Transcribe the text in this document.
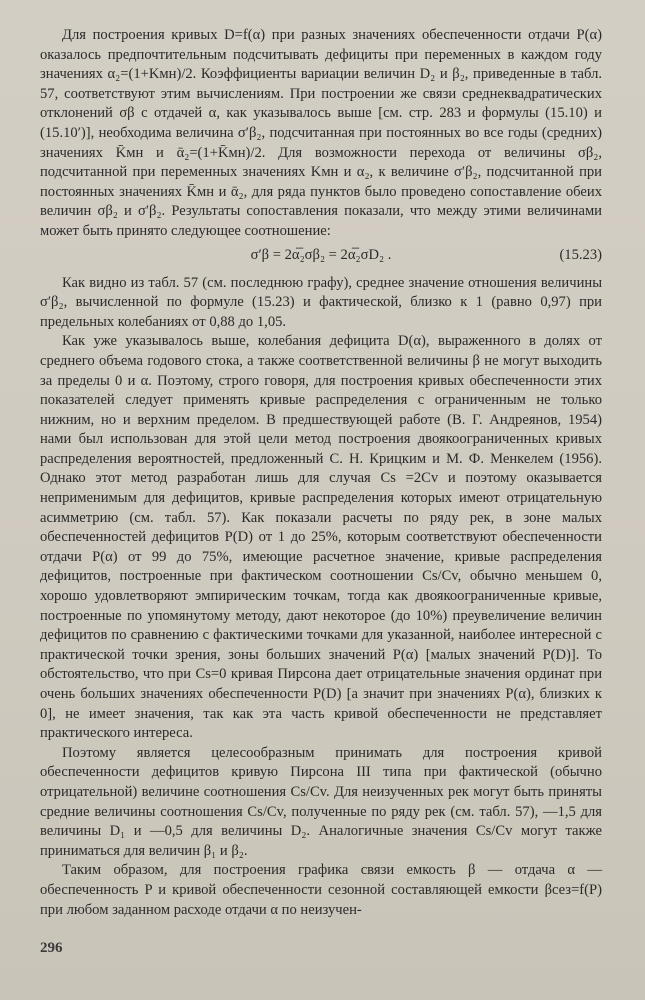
Для построения кривых D=f(α) при разных значениях обеспеченности отдачи P(α) оказалось предпочтительным подсчитывать дефициты при переменных в каждом году значениях α₂=(1+Kмн)/2. Коэффициенты вариации величин D₂ и β₂, приведенные в табл. 57, соответствуют этим вычислениям. При построении же связи среднеквадратических отклонений σβ с отдачей α, как указывалось выше [см. стр. 283 и формулы (15.10) и (15.10′)], необходима величина σ′β₂, подсчитанная при постоянных во все годы (средних) значениях K̄мн и ᾱ₂=(1+K̄мн)/2. Для возможности перехода от величины σβ₂, подсчитанной при переменных значениях Kмн и α₂, к величине σ′β₂, подсчитанной при постоянных значениях K̄мн и ᾱ₂, для ряда пунктов было проведено сопоставление обеих величин σβ₂ и σ′β₂. Результаты сопоставления показали, что между этими величинами может быть принято следующее соотношение:

σ′β = 2α̅₂σβ₂ = 2α̅₂σD₂ .	(15.23)

Как видно из табл. 57 (см. последнюю графу), среднее значение отношения величины σ′β₂, вычисленной по формуле (15.23) и фактической, близко к 1 (равно 0,97) при предельных колебаниях от 0,88 до 1,05.

Как уже указывалось выше, колебания дефицита D(α), выраженного в долях от среднего объема годового стока, а также соответственной величины β не могут выходить за пределы 0 и α. Поэтому, строго говоря, для построения кривых обеспеченности этих показателей следует применять кривые распределения с ограниченным не только нижним, но и верхним пределом. В предшествующей работе (В. Г. Андреянов, 1954) нами был использован для этой цели метод построения двоякоограниченных кривых распределения вероятностей, предложенный С. Н. Крицким и М. Ф. Менкелем (1956). Однако этот метод разработан лишь для случая Cs =2Cv и поэтому оказывается неприменимым для дефицитов, кривые распределения которых имеют отрицательную асимметрию (см. табл. 57). Как показали расчеты по ряду рек, в зоне малых обеспеченностей дефицитов P(D) от 1 до 25%, которым соответствуют обеспеченности отдачи P(α) от 99 до 75%, имеющие расчетное значение, кривые распределения дефицитов, построенные при фактическом соотношении Cs/Cv, обычно меньшем 0, хорошо удовлетворяют эмпирическим точкам, тогда как двоякоограниченные кривые, построенные по упомянутому методу, дают некоторое (до 10%) преувеличение величин дефицитов по сравнению с фактическими точками для указанной, наиболее интересной с практической точки зрения, зоны больших значений P(α) [малых значений P(D)]. То обстоятельство, что при Cs=0 кривая Пирсона дает отрицательные значения ординат при очень больших значениях обеспеченности P(D) [а значит при значениях P(α), близких к 0], не имеет значения, так как эта часть кривой обеспеченности не представляет практического интереса.

Поэтому является целесообразным принимать для построения кривой обеспеченности дефицитов кривую Пирсона III типа при фактической (обычно отрицательной) величине соотношения Cs/Cv. Для неизученных рек могут быть приняты средние величины соотношения Cs/Cv, полученные по ряду рек (см. табл. 57), —1,5 для величины D₁ и —0,5 для величины D₂. Аналогичные значения Cs/Cv могут также приниматься для величин β₁ и β₂.

Таким образом, для построения графика связи емкость β — отдача α — обеспеченность P и кривой обеспеченности сезонной составляющей емкости βсез=f(P) при любом заданном расходе отдачи α по неизучен-

296
